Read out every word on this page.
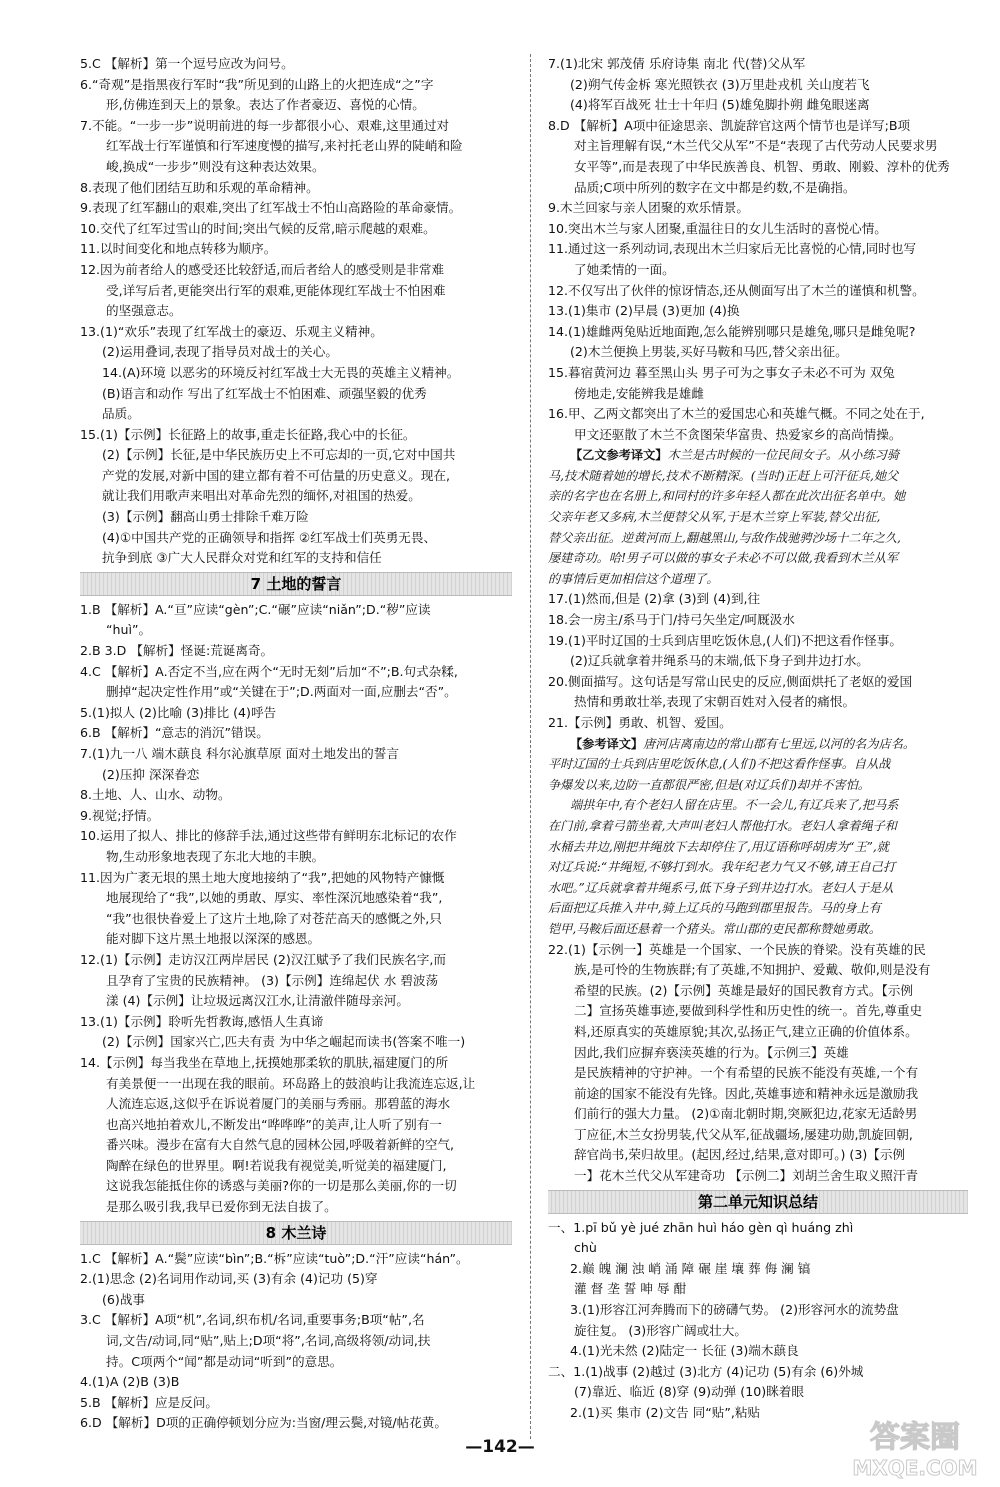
5.C 【解析】第一个逗号应改为问号。

6.“奇观”是指黑夜行军时“我”所见到的山路上的火把连成“之”字

形,仿佛连到天上的景象。表达了作者豪迈、喜悦的心情。

7.不能。“一步一步”说明前进的每一步都很小心、艰难,这里通过对

红军战士行军谨慎和行军速度慢的描写,来衬托老山界的陡峭和险

峻,换成“一步步”则没有这种表达效果。

8.表现了他们团结互助和乐观的革命精神。

9.表现了红军翻山的艰难,突出了红军战士不怕山高路险的革命豪情。

10.交代了红军过雪山的时间;突出气候的反常,暗示爬越的艰难。

11.以时间变化和地点转移为顺序。

12.因为前者给人的感受还比较舒适,而后者给人的感受则是非常难

受,详写后者,更能突出行军的艰难,更能体现红军战士不怕困难

的坚强意志。

13.(1)“欢乐”表现了红军战士的豪迈、乐观主义精神。

(2)运用叠词,表现了指导员对战士的关心。

14.(A)环境 以恶劣的环境反衬红军战士大无畏的英雄主义精神。

(B)语言和动作 写出了红军战士不怕困难、顽强坚毅的优秀

品质。

15.(1)【示例】长征路上的故事,重走长征路,我心中的长征。

(2)【示例】长征,是中华民族历史上不可忘却的一页,它对中国共

产党的发展,对新中国的建立都有着不可估量的历史意义。现在,

就让我们用歌声来唱出对革命先烈的缅怀,对祖国的热爱。

(3)【示例】翻高山勇士排除千难万险

(4)①中国共产党的正确领导和指挥 ②红军战士们英勇无畏、

抗争到底 ③广大人民群众对党和红军的支持和信任

7 土地的誓言

1.B 【解析】A.“亘”应读“gèn”;C.“碾”应读“niǎn”;D.“秽”应读

“huì”。

2.B 3.D 【解析】怪诞:荒诞离奇。

4.C 【解析】A.否定不当,应在两个“无时无刻”后加“不”;B.句式杂糅,

删掉“起决定性作用”或“关键在于”;D.两面对一面,应删去“否”。

5.(1)拟人 (2)比喻 (3)排比 (4)呼告

6.B 【解析】“意志的消沉”错误。

7.(1)九一八 端木蕻良 科尔沁旗草原 面对土地发出的誓言

(2)压抑 深深眷恋

8.土地、人、山水、动物。

9.视觉;抒情。

10.运用了拟人、排比的修辞手法,通过这些带有鲜明东北标记的农作

物,生动形象地表现了东北大地的丰腴。

11.因为广袤无垠的黑土地大度地接纳了“我”,把她的风物特产慷慨

地展现给了“我”,以她的勇敢、厚实、率性深沉地感染着“我”,

“我”也很快眷爱上了这片土地,除了对苍茫高天的感慨之外,只

能对脚下这片黑土地报以深深的感恩。

12.(1)【示例】走访汉江两岸居民 (2)汉江赋予了我们民族名字,而

且孕育了宝贵的民族精神。 (3)【示例】连绵起伏 水 碧波荡

漾 (4)【示例】让垃圾远离汉江水,让清澈伴随母亲河。

13.(1)【示例】聆听先哲教诲,感悟人生真谛

(2)【示例】国家兴亡,匹夫有责 为中华之崛起而读书(答案不唯一)

14.【示例】每当我坐在草地上,抚摸她那柔软的肌肤,福建厦门的所

有美景便一一出现在我的眼前。环岛路上的鼓浪屿让我流连忘返,让

人流连忘返,这似乎在诉说着厦门的美丽与秀丽。那碧蓝的海水

也高兴地拍着欢儿,不断发出“哗哗哗”的美声,让人听了别有一

番兴味。漫步在富有大自然气息的园林公园,呼吸着新鲜的空气,

陶醉在绿色的世界里。啊!若说我有视觉美,听觉美的福建厦门,

这说我怎能抵住你的诱惑与美丽?你的一切是那么美丽,你的一切

是那么吸引我,我早已爱你到无法自拔了。

8 木兰诗

1.C 【解析】A.“鬓”应读“bìn”;B.“柝”应读“tuò”;D.“汗”应读“hán”。

2.(1)思念 (2)名词用作动词,买 (3)有余 (4)记功 (5)穿

(6)战事

3.C 【解析】A项“机”,名词,织布机/名词,重要事务;B项“帖”,名

词,文告/动词,同“贴”,贴上;D项“将”,名词,高级将领/动词,扶

持。C项两个“闻”都是动词“听到”的意思。

4.(1)A (2)B (3)B

5.B 【解析】应是反问。

6.D 【解析】D项的正确停顿划分应为:当窗/理云鬓,对镜/帖花黄。

7.(1)北宋 郭茂倩 乐府诗集 南北 代(替)父从军

(2)朔气传金柝 寒光照铁衣 (3)万里赴戎机 关山度若飞

(4)将军百战死 壮士十年归 (5)雄兔脚扑朔 雌兔眼迷离

8.D 【解析】A项中征途思亲、凯旋辞官这两个情节也是详写;B项

对主旨理解有误,“木兰代父从军”不是“表现了古代劳动人民要求男

女平等”,而是表现了中华民族善良、机智、勇敢、刚毅、淳朴的优秀

品质;C项中所列的数字在文中都是约数,不是确指。

9.木兰回家与亲人团聚的欢乐情景。

10.突出木兰与家人团聚,重温往日的女儿生活时的喜悦心情。

11.通过这一系列动词,表现出木兰归家后无比喜悦的心情,同时也写

了她柔情的一面。

12.不仅写出了伙伴的惊讶情态,还从侧面写出了木兰的谨慎和机警。

13.(1)集市 (2)早晨 (3)更加 (4)换

14.(1)雄雌两兔贴近地面跑,怎么能辨别哪只是雄兔,哪只是雌兔呢?

(2)木兰便换上男装,买好马鞍和马匹,替父亲出征。

15.暮宿黄河边 暮至黑山头 男子可为之事女子未必不可为 双兔

傍地走,安能辨我是雄雌

16.甲、乙两文都突出了木兰的爱国忠心和英雄气概。不同之处在于,

甲文还驱散了木兰不贪图荣华富贵、热爱家乡的高尚情操。

【乙文参考译文】木兰是古时候的一位民间女子。从小练习骑

马,技术随着她的增长,技术不断精深。(当时)正赶上可汗征兵,她父

亲的名字也在名册上,和同村的许多年轻人都在此次出征名单中。她

父亲年老又多病,木兰便替父从军,于是木兰穿上军装,替父出征,

替父亲出征。逆黄河而上,翻越黑山,与敌作战驰骋沙场十二年之久,

屡建奇功。哈!男子可以做的事女子未必不可以做,我看到木兰从军

的事情后更加相信这个道理了。

17.(1)然而,但是 (2)拿 (3)到 (4)到,往

18.会一房主/系马于门/持弓矢坐定/呵厩汲水

19.(1)平时辽国的士兵到店里吃饭休息,(人们)不把这看作怪事。

(2)辽兵就拿着井绳系马的末端,低下身子到井边打水。

20.侧面描写。这句话是写常山民史的反应,侧面烘托了老妪的爱国

热情和勇敢壮举,表现了宋朝百姓对入侵者的痛恨。

21.【示例】勇敢、机智、爱国。

【参考译文】唐河店离南边的常山郡有七里远,以河的名为店名。

平时辽国的士兵到店里吃饭休息,(人们)不把这看作怪事。自从战

争爆发以来,边防一直都很严密,但是(对辽兵们)却并不害怕。

端拱年中,有个老妇人留在店里。不一会儿,有辽兵来了,把马系

在门前,拿着弓箭坐着,大声叫老妇人帮他打水。老妇人拿着绳子和

水桶去井边,刚把井绳放下去却停住了,用辽语称呼胡虏为“王”,就

对辽兵说:“井绳短,不够打到水。我年纪老力气又不够,请王自己打

水吧。”辽兵就拿着井绳系弓,低下身子到井边打水。老妇人于是从

后面把辽兵推入井中,骑上辽兵的马跑到郡里报告。马的身上有

铠甲,马鞍后面还悬着一个猪头。常山郡的吏民都称赞她勇敢。

22.(1)【示例一】英雄是一个国家、一个民族的脊梁。没有英雄的民

族,是可怜的生物族群;有了英雄,不知拥护、爱戴、敬仰,则是没有

希望的民族。(2)【示例】英雄是最好的国民教育方式。【示例

二】宣扬英雄事迹,要做到科学性和历史性的统一。首先,尊重史

料,还原真实的英雄原貌;其次,弘扬正气,建立正确的价值体系。

因此,我们应摒弃亵渎英雄的行为。【示例三】英雄

是民族精神的守护神。一个有希望的民族不能没有英雄,一个有

前途的国家不能没有先锋。因此,英雄事迹和精神永远是激励我

们前行的强大力量。 (2)①南北朝时期,突厥犯边,花家无适龄男

丁应征,木兰女扮男装,代父从军,征战疆场,屡建功勋,凯旋回朝,

辞官尚书,荣归故里。(起因,经过,结果,意对即可。) (3)【示例

一】花木兰代父从军建奇功 【示例二】刘胡兰舍生取义照汗青

第二单元知识总结

一、1.pī bǔ yè jué zhān huì háo gèn qì huáng zhì

chù

2.巅 魄 澜 浊 峭 涌 障 碾 崖 壤 葬 侮 澜 镐

灌 督 垄 誓 呻 辱 酣

3.(1)形容江河奔腾而下的磅礴气势。 (2)形容河水的流势盘

旋往复。 (3)形容广阔或壮大。

4.(1)光未然 (2)陆定一 长征 (3)端木蕻良

二、1.(1)战事 (2)越过 (3)北方 (4)记功 (5)有余 (6)外城

(7)靠近、临近 (8)穿 (9)动弹 (10)眯着眼

2.(1)买 集市 (2)文告 同“贴”,粘贴

—142—	答案圈
MXQE.COM
